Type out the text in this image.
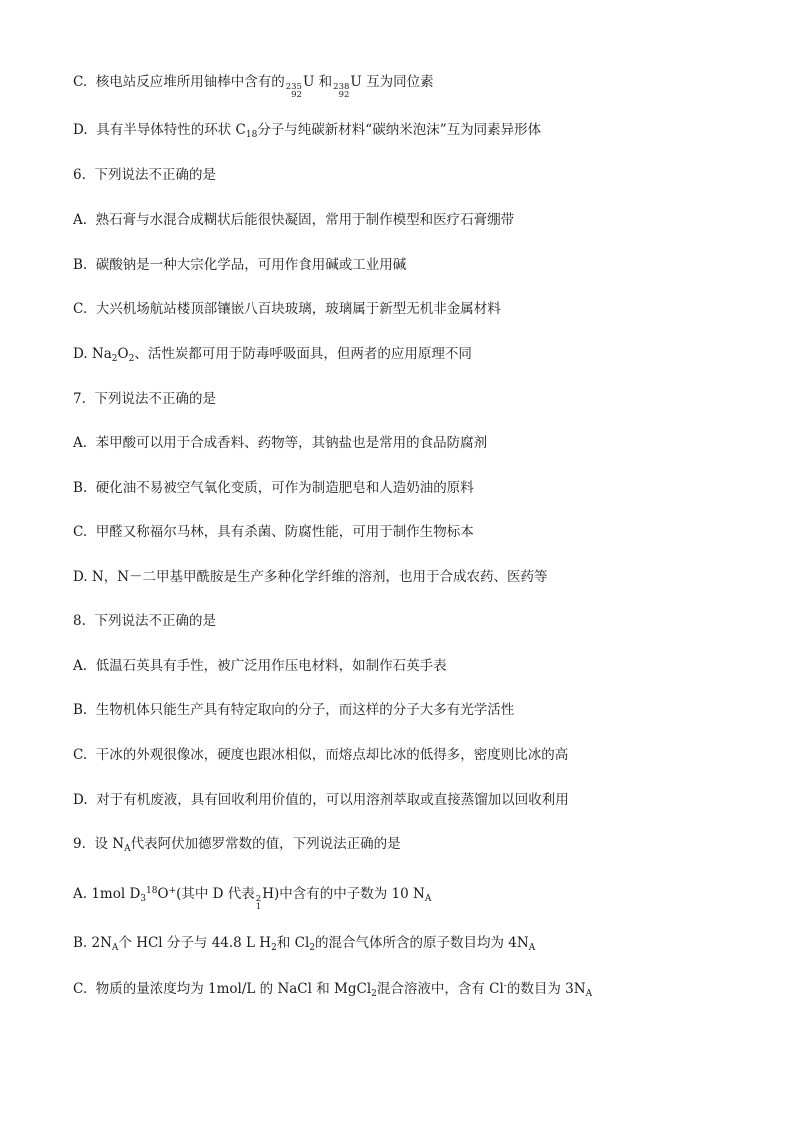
C.  核电站反应堆所用铀棒中含有的 235
92
U 和 238
92
U 互为同位素
D.  具有半导体特性的环状 $C_{18}$分子与纯碳新材料“碳纳米泡沫”互为同素异形体
6.  下列说法不正确的是
A.  熟石膏与水混合成糊状后能很快凝固，常用于制作模型和医疗石膏绷带
B.  碳酸钠是一种大宗化学品，可用作食用碱或工业用碱
C.  大兴机场航站楼顶部镶嵌八百块玻璃，玻璃属于新型无机非金属材料
D. $Na_2O_2$、活性炭都可用于防毒呼吸面具，但两者的应用原理不同
7.  下列说法不正确的是
A.  苯甲酸可以用于合成香料、药物等，其钠盐也是常用的食品防腐剂
B.  硬化油不易被空气氧化变质，可作为制造肥皂和人造奶油的原料
C.  甲醛又称福尔马林，具有杀菌、防腐性能，可用于制作生物标本
D. N，N－二甲基甲酰胺是生产多种化学纤维的溶剂，也用于合成农药、医药等
8.  下列说法不正确的是
A.  低温石英具有手性，被广泛用作压电材料，如制作石英手表
B.  生物机体只能生产具有特定取向的分子，而这样的分子大多有光学活性
C.  干冰的外观很像冰，硬度也跟冰相似，而熔点却比冰的低得多，密度则比冰的高
D.  对于有机废液，具有回收利用价值的，可以用溶剂萃取或直接蒸馏加以回收利用
9.  设 $N_A$代表阿伏加德罗常数的值，下列说法正确的是
A. 1mol $D_3^{18}O^+$(其中 D 代表 2
1
H)中含有的中子数为 10 $N_A$
B. $2N_A$个 HCl 分子与 44.8 L $H_2$和 $Cl_2$的混合气体所含的原子数目均为 $4N_A$
C.  物质的量浓度均为 1mol/L 的 NaCl 和 MgCl$_2$混合溶液中，含有 Cl-的数目为 $3N_A$
